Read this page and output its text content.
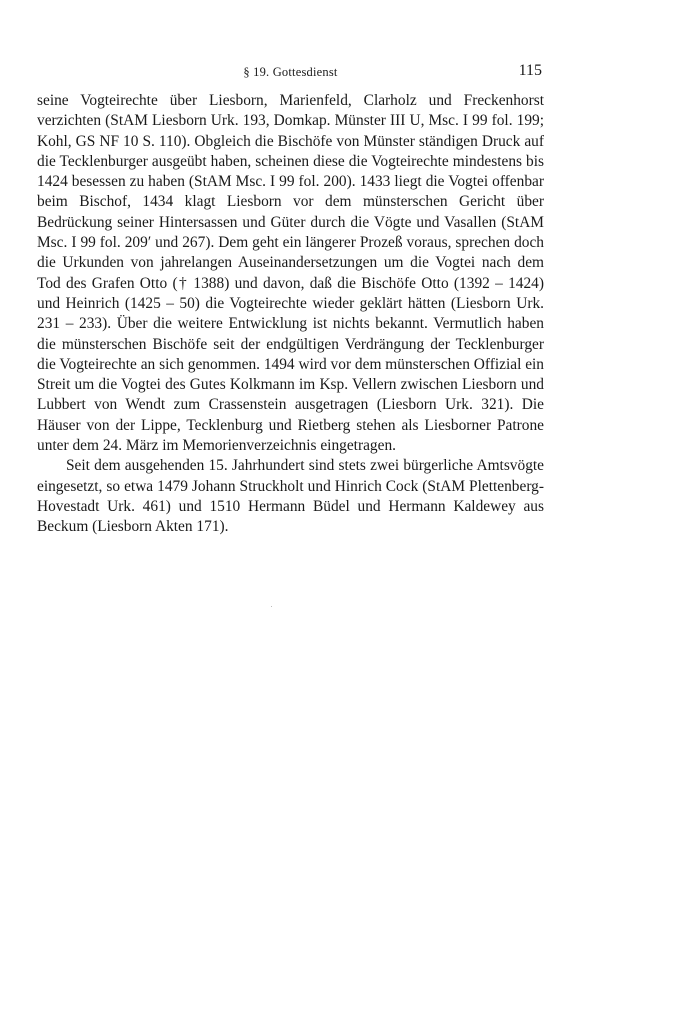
§ 19. Gottesdienst	115

seine Vogteirechte über Liesborn, Marienfeld, Clarholz und Freckenhorst verzichten (StAM Liesborn Urk. 193, Domkap. Münster III U, Msc. I 99 fol. 199; Kohl, GS NF 10 S. 110). Obgleich die Bischöfe von Münster ständigen Druck auf die Tecklenburger ausgeübt haben, scheinen diese die Vogteirechte mindestens bis 1424 besessen zu haben (StAM Msc. I 99 fol. 200). 1433 liegt die Vogtei offenbar beim Bischof, 1434 klagt Liesborn vor dem münsterschen Gericht über Bedrückung seiner Hintersassen und Güter durch die Vögte und Vasallen (StAM Msc. I 99 fol. 209′ und 267). Dem geht ein längerer Prozeß voraus, sprechen doch die Urkunden von jahrelangen Auseinandersetzungen um die Vogtei nach dem Tod des Grafen Otto († 1388) und davon, daß die Bischöfe Otto (1392 – 1424) und Heinrich (1425 – 50) die Vogteirechte wieder geklärt hätten (Liesborn Urk. 231 – 233). Über die weitere Entwicklung ist nichts bekannt. Vermutlich haben die münsterschen Bischöfe seit der endgültigen Verdrängung der Tecklenburger die Vogteirechte an sich genommen. 1494 wird vor dem münsterschen Offizial ein Streit um die Vogtei des Gutes Kolkmann im Ksp. Vellern zwischen Liesborn und Lubbert von Wendt zum Crassenstein ausgetragen (Liesborn Urk. 321). Die Häuser von der Lippe, Tecklenburg und Rietberg stehen als Liesborner Patrone unter dem 24. März im Memorienverzeichnis eingetragen.

Seit dem ausgehenden 15. Jahrhundert sind stets zwei bürgerliche Amtsvögte eingesetzt, so etwa 1479 Johann Struckholt und Hinrich Cock (StAM Plettenberg-Hovestadt Urk. 461) und 1510 Hermann Büdel und Hermann Kaldewey aus Beckum (Liesborn Akten 171).
